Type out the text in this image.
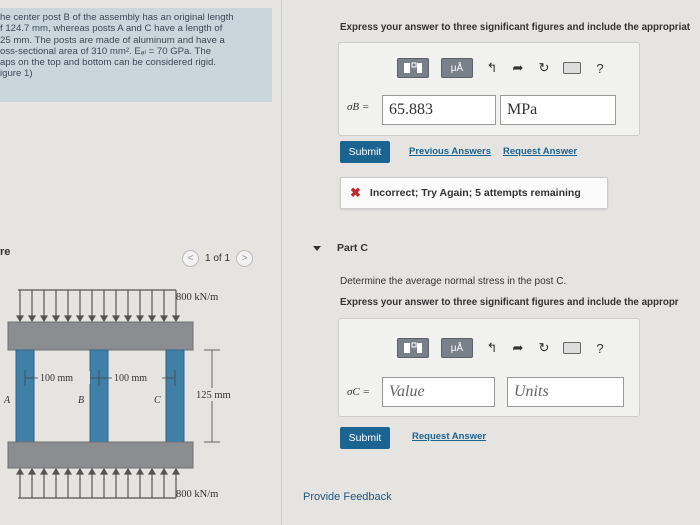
he center post B of the assembly has an original length
f 124.7 mm, whereas posts A and C have a length of
25 mm. The posts are made of aluminum and have a
oss-sectional area of 310 mm². Eₐₗ = 70 GPa. The
aps on the top and bottom can be considered rigid.
igure 1)
re
< 1 of 1 >
800 kN/m
100 mm	100 mm
125 mm
A	B	C
800 kN/m
Express your answer to three significant figures and include the appropriat
μÅ	↰ ➦ ↻	?
σB =	65.883	MPa
Submit	Previous Answers Request Answer
✖ Incorrect; Try Again; 5 attempts remaining
Part C
Determine the average normal stress in the post C.
Express your answer to three significant figures and include the appropr
μÅ	↰ ➦ ↻	?
σC =	Value	Units
Submit	Request Answer
Provide Feedback
